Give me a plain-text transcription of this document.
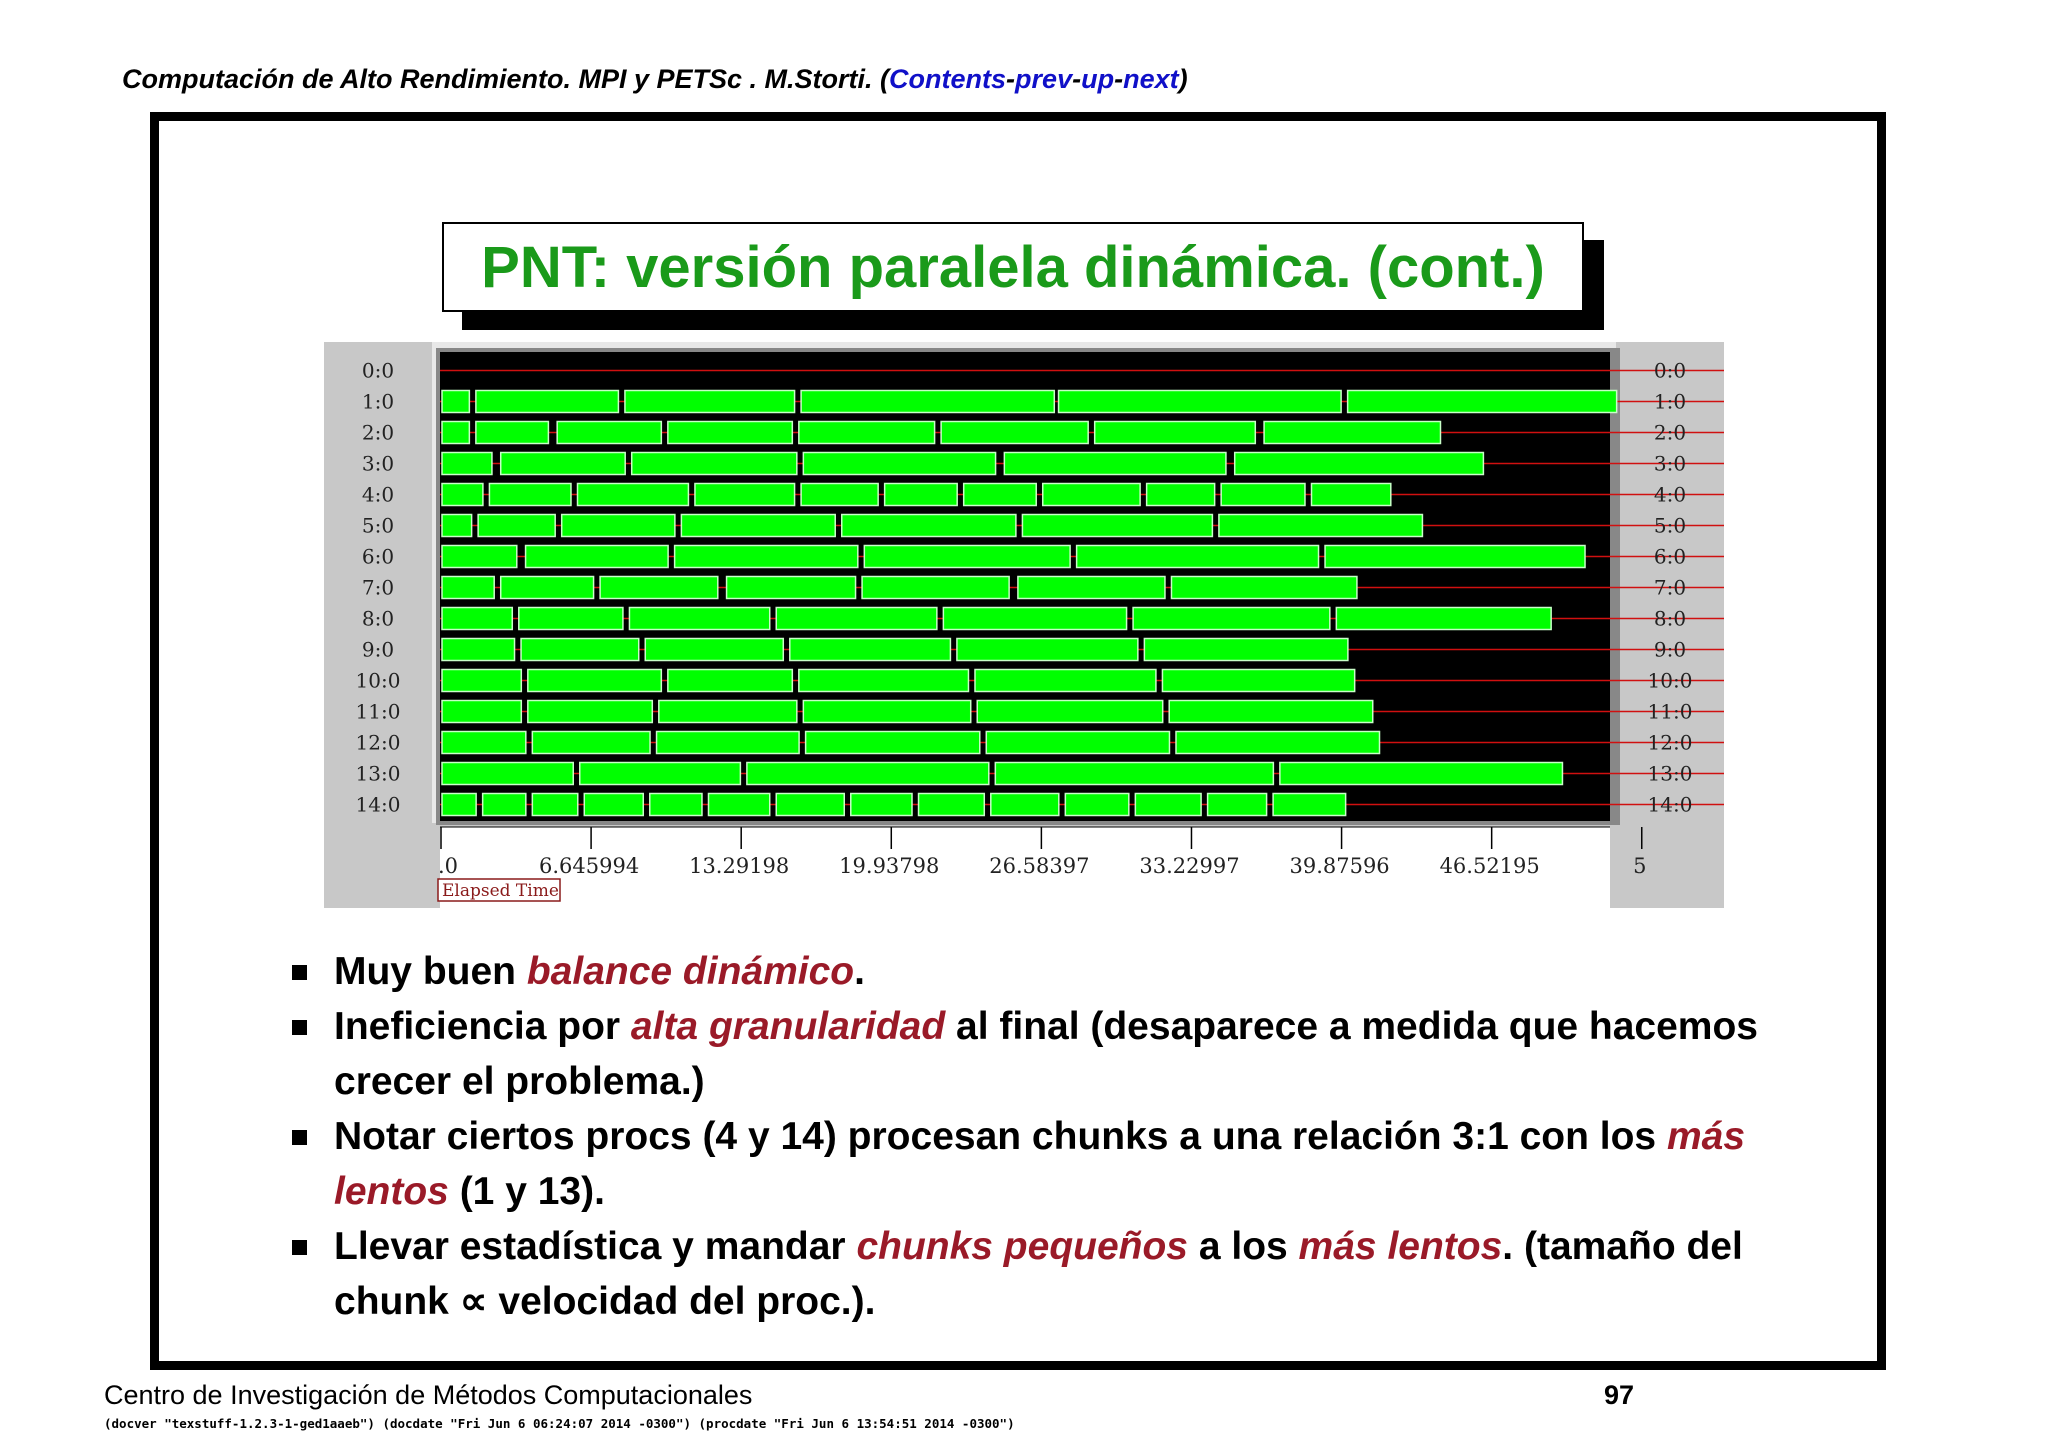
Computación de Alto Rendimiento. MPI y PETSc . M.Storti. (Contents-prev-up-next)
PNT: versión paralela dinámica. (cont.)
0:0	0:0
1:0	1:0
2:0	2:0
3:0	3:0
4:0	4:0
5:0	5:0
6:0	6:0
7:0	7:0
8:0	8:0
9:0	9:0
10:0	10:0
11:0	11:0
12:0	12:0
13:0	13:0
14:0	14:0
.0	6.645994 13.29198 19.93798 26.58397 33.22997 39.87596 46.52195	5
Elapsed Time
Muy buen balance dinámico.
Ineficiencia por alta granularidad al final (desaparece a medida que hacemos crecer el problema.)
Notar ciertos procs (4 y 14) procesan chunks a una relación 3:1 con los más lentos (1 y 13).
Llevar estadística y mandar chunks pequeños a los más lentos. (tamaño del chunk ∝ velocidad del proc.).
Centro de Investigación de Métodos Computacionales	97
(docver "texstuff-1.2.3-1-ged1aaeb") (docdate "Fri Jun 6 06:24:07 2014 -0300") (procdate "Fri Jun 6 13:54:51 2014 -0300")
